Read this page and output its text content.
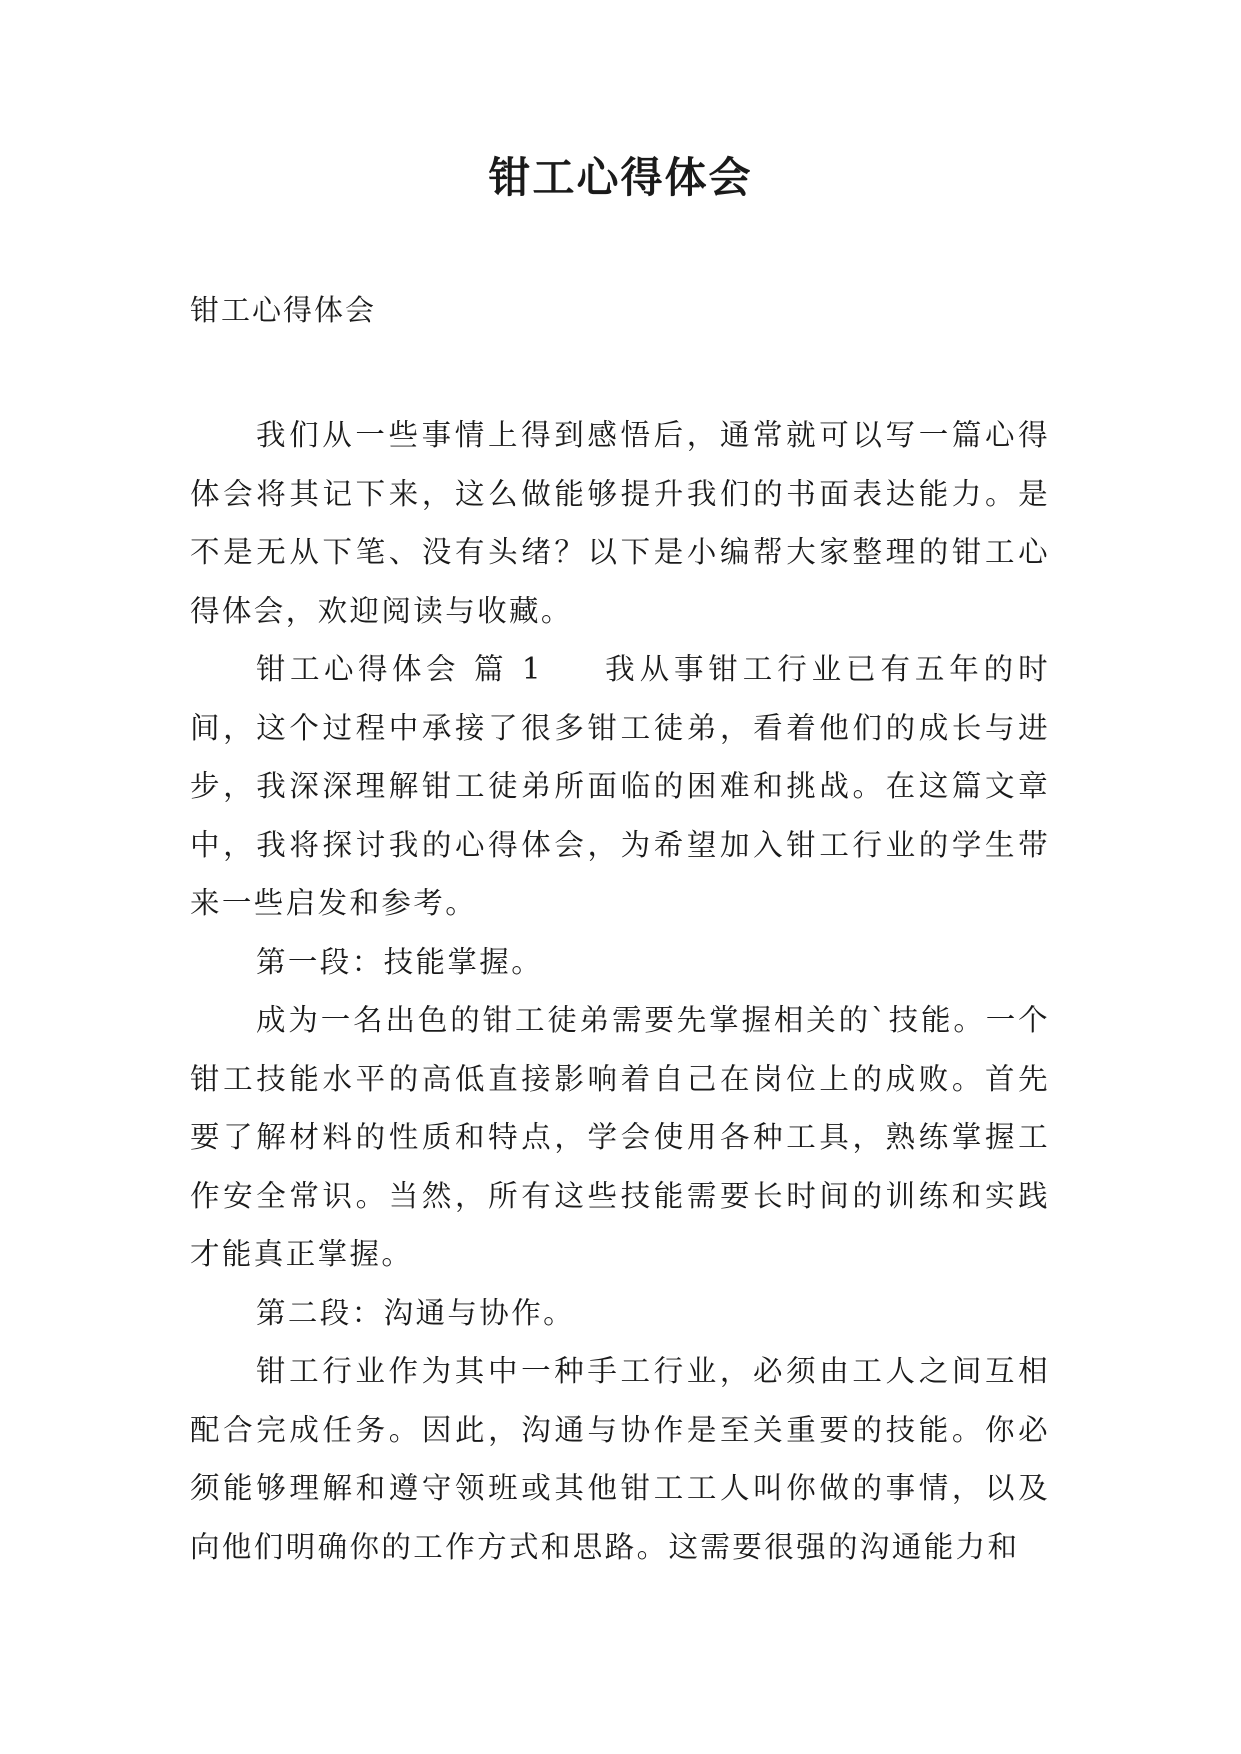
钳工心得体会

钳工心得体会

我们从一些事情上得到感悟后，通常就可以写一篇心得体会将其记下来，这么做能够提升我们的书面表达能力。是不是无从下笔、没有头绪？以下是小编帮大家整理的钳工心得体会，欢迎阅读与收藏。

钳工心得体会 篇 1 我从事钳工行业已有五年的时间，这个过程中承接了很多钳工徒弟，看着他们的成长与进步，我深深理解钳工徒弟所面临的困难和挑战。在这篇文章中，我将探讨我的心得体会，为希望加入钳工行业的学生带来一些启发和参考。

第一段：技能掌握。

成为一名出色的钳工徒弟需要先掌握相关的`技能。一个钳工技能水平的高低直接影响着自己在岗位上的成败。首先要了解材料的性质和特点，学会使用各种工具，熟练掌握工作安全常识。当然，所有这些技能需要长时间的训练和实践才能真正掌握。

第二段：沟通与协作。

钳工行业作为其中一种手工行业，必须由工人之间互相配合完成任务。因此，沟通与协作是至关重要的技能。你必须能够理解和遵守领班或其他钳工工人叫你做的事情，以及向他们明确你的工作方式和思路。这需要很强的沟通能力和
